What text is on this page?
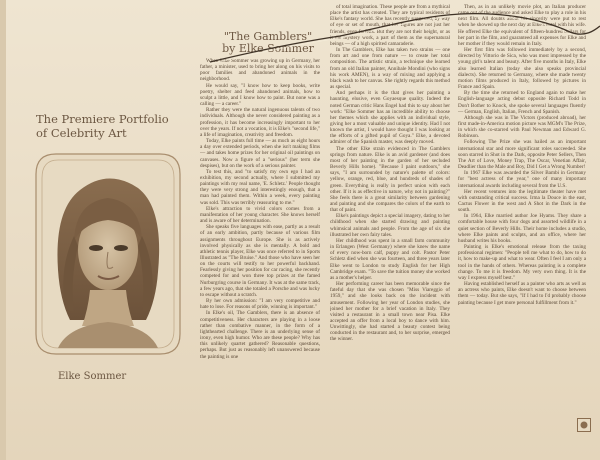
The Premiere Portfolio
of Celebrity Art
Elke Sommer
"The Gamblers"
by Elke Sommer

When Elke Sommer was growing up in Germany, her father, a minister, used to bring her along on his visits to poor families and abandoned animals in the neighborhood.

He would say, "I know how to keep books, write poetry, shelter and feed abandoned animals, how to sculpt a little, and I know how to paint. But none was a calling — a career."

Rather they were the natural ingenuous talents of two individuals. Although she never considered painting as a profession, it has become increasingly important to her over the years. If not a vocation, it is Elke's "second life," a life of imagination, creativity and freedom.

Today, Elke paints full time — as much as eight hours a day over extended periods, when she isn't making films — and takes home prizes for her original oil paintings on canvases. Now a figure of a "serious" (her term she despises), but on the work of a serious painter.

To test this, and "to satisfy my own ego I had an exhibition, my second actually, where I submitted my paintings with my real name, 'E. Schletz.' People thought they were very strong and interestingly enough, that a man had painted them. Within a week, every painting was sold. This was terribly reassuring to me."

Elke's attraction to vivid colors comes from a manifestation of her young character. She knows herself and is aware of her determination.

She speaks five languages with ease, partly as a result of an early ambition, partly because of various film assignments throughout Europe. She is as actively involved physically as she is mentally. A bold and athletic tennis player, Elke was once referred to in Sports Illustrated as "The Bruise." And those who have seen her on the courts will testify to her powerful backhand. Fearlessly giving her position for car racing, she recently competed for and won three top prizes at the famed Nurburgring course in Germany. It was at the same track, a few years ago, that she totaled a Porsche and was lucky to escape without a scratch.

By her own admission: "I am very competitive and hate to lose. For reasons of pride, winning is important."

In Elke's oil, The Gamblers, there is an absence of competitiveness. Her characters are playing in a loose rather than combative manner, in the form of a lighthearted challenge. There is an underlying sense of irony, even high humor. Who are these people? Why has this unlikely quartet gathered? Reasonable questions, perhaps. But just as reasonably left unanswered because the painting is one

of total imagination. These people are from a mythical place the artist has created. They are typical residents of Elke's fantasy world. She has recently suggested, by way of eye or set of mouth, that her figures are not just her friends, even forfeits. But they are not their height, or as it the mystery work, a part of them as the supernatural beings — of a high spirited camaraderie.

In The Gamblers, Elke has taken two strains — one from art and one from nature — to create her total composition. The artistic strain, a technique she learned from an old Italian painter, Annibale Mondini (who signs his work AMEN), is a way of mixing and applying a black wash to her canvas. She rightly regards this method as special.

And perhaps it is the that gives her painting a haunting, elusive, even Goyaesque quality. Indeed the noted German critic Hans Engel had this to say about her work: "Elke Sommer has an incredible ability to choose her themes which she applies with an individual style, giving her a most valuable and unique identity. Had I not known the artist, I would have thought I was looking at the efforts of a gifted pupil of Goya." Elke, a devoted admirer of the Spanish master, was deeply moved.

The other Elke strain evidenced in The Gamblers springs from nature. Elke is an avid gardener (and does most of her painting in the garden of her secluded Beverly Hills home). "Because I paint outdoors," she says, "I am surrounded by nature's palette of colors: yellow, orange, red, blue, and hundreds of shades of green. Everything is really in perfect union with each other. If it is as effective in nature, why not in painting?" She feels there is a great similarity between gardening and painting and she compares the colors of the earth to that of paint.

Elke's paintings depict a special imagery, dating to her childhood when she started drawing and painting whimsical animals and people. From the age of six she illustrated her own fairy tales.

Her childhood was spent in a small farm community in Erlangen (West Germany) where she knew the name of every now-born calf, puppy and colt. Pastor Peter Schletz died when she was fourteen, and three years later Elke went to London to study English for her High Cambridge exam. "To save the tuition money she worked as a mother's helper.

Her performing career has been memorable since the fateful day that she was chosen "Miss Viareggio of 1959," and she looks back on the incident with amusement. Following her year of London studies, she joined her mother for a brief vacation in Italy. They visited a restaurant in a small town near Pisa. Elke accepted an offer from a local boy to dance with him. Unwittingly, she had started a beauty contest being conducted in the restaurant and, to her surprise, emerged the winner.

Then, as in an unlikely movie plot, an Italian producer came out of the audience and asked Elke to play a role in his next film. All doubts about his sincerity were put to rest when he showed up the next day at Elke's hotel with his wife. He offered Elke the equivalent of fifteen-hundred dollars for her part in the film, and guaranteed all expenses for Elke and her mother if they would remain in Italy.

Her first film was followed immediately by a second, directed by Vittorio de Sica, who was most impressed by the young girl's talent and beauty. After five months in Italy, Elke also learned Italian (today she also speaks provincial dialects). She returned to Germany, where she made twenty motion films produced in Italy, followed by pictures in France and Spain.

By the time she returned to England again to make her English-language acting debut opposite Richard Todd in Don't Bother to Knock, she spoke several languages fluently — German, English, Italian, French and Spanish.

Although she was in The Victors (produced abroad), her first made-in-America motion picture was MGM's The Prize, in which she co-starred with Paul Newman and Edward G. Robinson.

Following The Prize she was hailed as an important international star and more significant roles succeeded. She soon starred in Shot in the Dark, opposite Peter Sellers, Then The Art of Love, Money Trap, The Oscar, Venetian Affair, Deadlier than the Male and Boy, Did I Get a Wrong Number!

In 1967 Elke was awarded the Silver Bambi in Germany for "best actress of the year," one of many important international awards including several from the U.S.

Her recent ventures into the legitimate theater have met with outstanding critical success. Irma la Douce in the east, Cactus Flower in the west and A Shot in the Dark in the south.

In 1964, Elke married author Joe Hyams. They share a comfortable house with four dogs and assorted wildlife in a quiet section of Beverly Hills. Their home includes a studio, where Elke paints and sculpts, and an office, where her husband writes his books.

Painting is Elke's emotional release from the taxing professional regimen: "People tell me what to do, how to do it, how to make-up and what to wear. Often I feel I am only a tool in the hands of others. Whereas painting is a complete change. To me it is freedom. My very own thing. It is the way I express myself best."

Having established herself as a painter who arts as well as an actress who paints, Elke doesn't want to choose between them — today. But she says, "If I had to I'd probably choose painting because I get more personal fulfillment from it."
